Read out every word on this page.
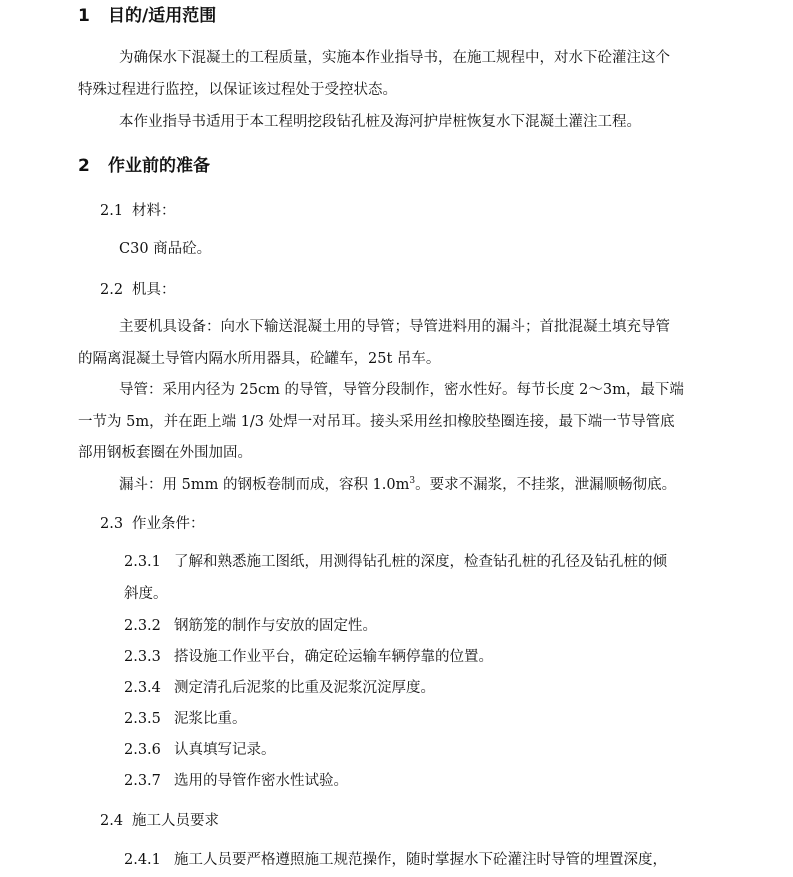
1 目的/适用范围
为确保水下混凝土的工程质量，实施本作业指导书，在施工规程中，对水下砼灌注这个
特殊过程进行监控，以保证该过程处于受控状态。
本作业指导书适用于本工程明挖段钻孔桩及海河护岸桩恢复水下混凝土灌注工程。
2 作业前的准备
2.1 材料：
C30 商品砼。
2.2 机具：
主要机具设备：向水下输送混凝土用的导管；导管进料用的漏斗；首批混凝土填充导管
的隔离混凝土导管内隔水所用器具，砼罐车，25t 吊车。
导管：采用内径为 25cm 的导管，导管分段制作，密水性好。每节长度 2～3m，最下端
一节为 5m，并在距上端 1/3 处焊一对吊耳。接头采用丝扣橡胶垫圈连接，最下端一节导管底
部用钢板套圈在外围加固。
漏斗：用 5mm 的钢板卷制而成，容积 $1.0m^3$。要求不漏浆，不挂浆，泄漏顺畅彻底。
2.3 作业条件：
2.3.1 了解和熟悉施工图纸，用测得钻孔桩的深度，检查钻孔桩的孔径及钻孔桩的倾
斜度。
2.3.2 钢筋笼的制作与安放的固定性。
2.3.3 搭设施工作业平台，确定砼运输车辆停靠的位置。
2.3.4 测定清孔后泥浆的比重及泥浆沉淀厚度。
2.3.5 泥浆比重。
2.3.6 认真填写记录。
2.3.7 选用的导管作密水性试验。
2.4 施工人员要求
2.4.1 施工人员要严格遵照施工规范操作，随时掌握水下砼灌注时导管的埋置深度，
